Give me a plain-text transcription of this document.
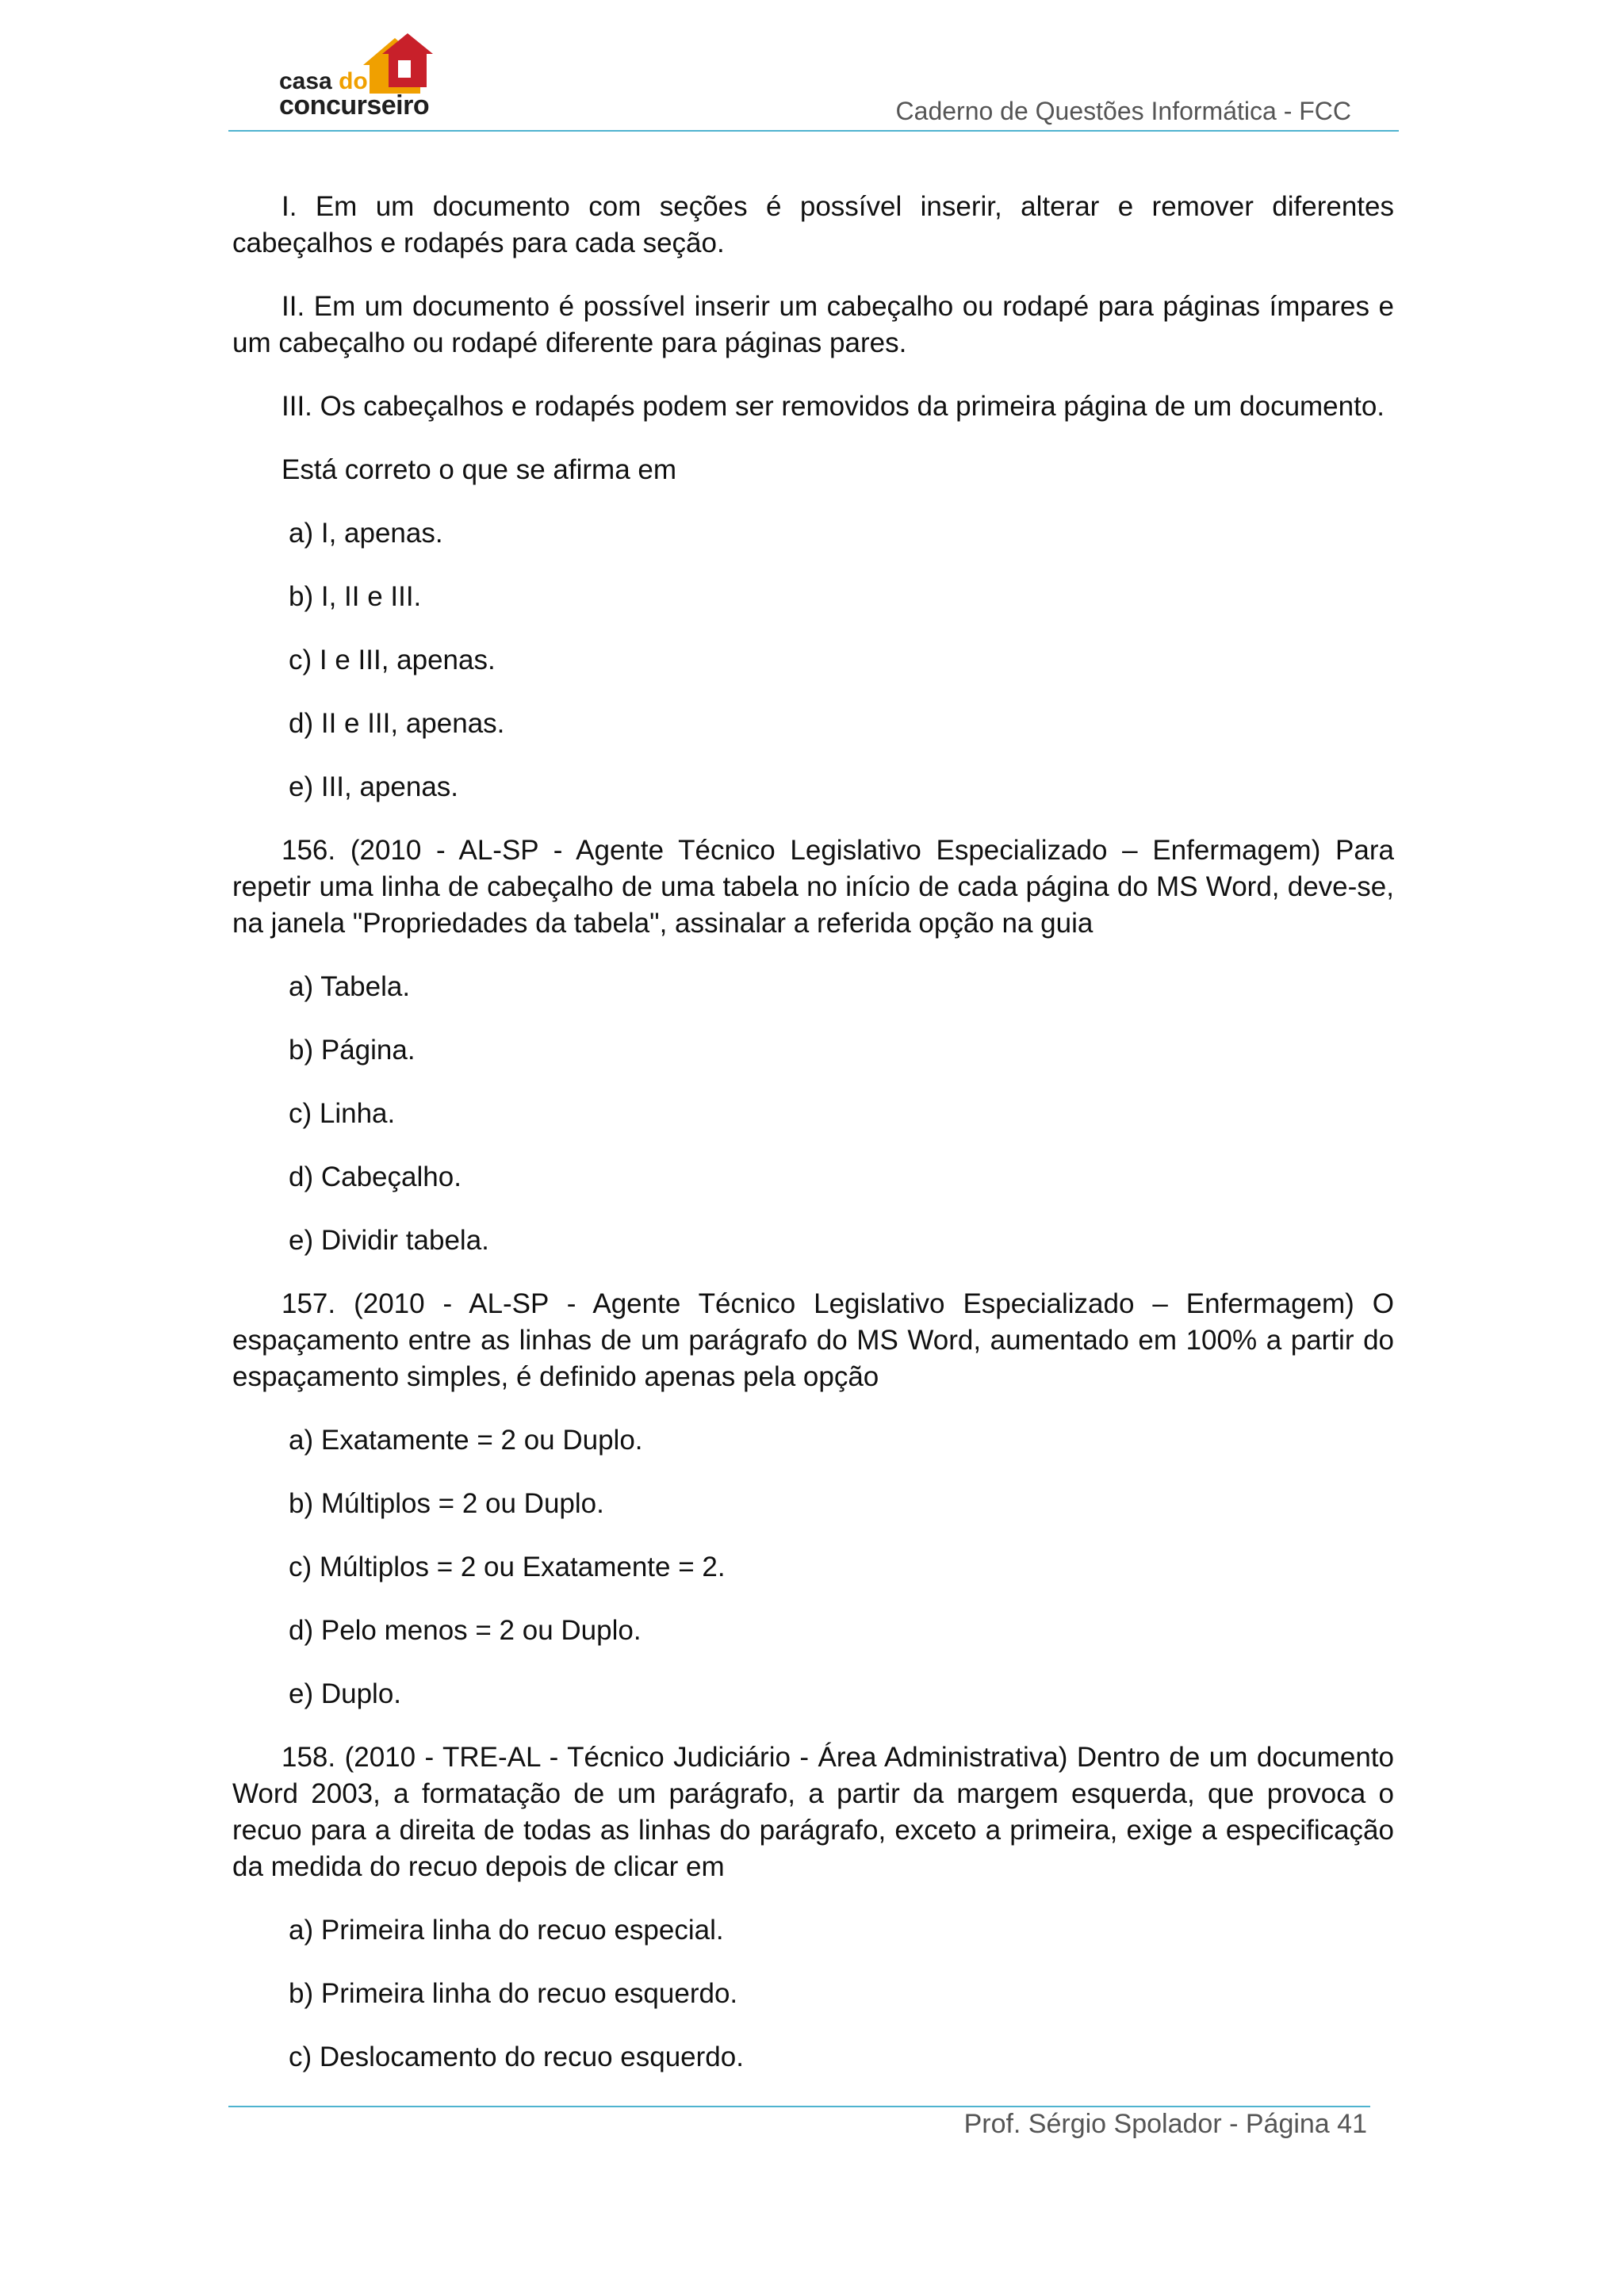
casa do
concurseiro	Caderno de Questões Informática - FCC
I. Em um documento com seções é possível inserir, alterar e remover diferentes cabeçalhos e rodapés para cada seção.
II. Em um documento é possível inserir um cabeçalho ou rodapé para páginas ímpares e um cabeçalho ou rodapé diferente para páginas pares.
III. Os cabeçalhos e rodapés podem ser removidos da primeira página de um documento.
Está correto o que se afirma em
a) I, apenas.
b) I, II e III.
c) I e III, apenas.
d) II e III, apenas.
e) III, apenas.
156. (2010 - AL-SP - Agente Técnico Legislativo Especializado – Enfermagem) Para repetir uma linha de cabeçalho de uma tabela no início de cada página do MS Word, deve-se, na janela "Propriedades da tabela", assinalar a referida opção na guia
a) Tabela.
b) Página.
c) Linha.
d) Cabeçalho.
e) Dividir tabela.
157. (2010 - AL-SP - Agente Técnico Legislativo Especializado – Enfermagem) O espaçamento entre as linhas de um parágrafo do MS Word, aumentado em 100% a partir do espaçamento simples, é definido apenas pela opção
a) Exatamente = 2 ou Duplo.
b) Múltiplos = 2 ou Duplo.
c) Múltiplos = 2 ou Exatamente = 2.
d) Pelo menos = 2 ou Duplo.
e) Duplo.
158. (2010 - TRE-AL - Técnico Judiciário - Área Administrativa) Dentro de um documento Word 2003, a formatação de um parágrafo, a partir da margem esquerda, que provoca o recuo para a direita de todas as linhas do parágrafo, exceto a primeira, exige a especificação da medida do recuo depois de clicar em
a) Primeira linha do recuo especial.
b) Primeira linha do recuo esquerdo.
c) Deslocamento do recuo esquerdo.
Prof. Sérgio Spolador - Página 41
